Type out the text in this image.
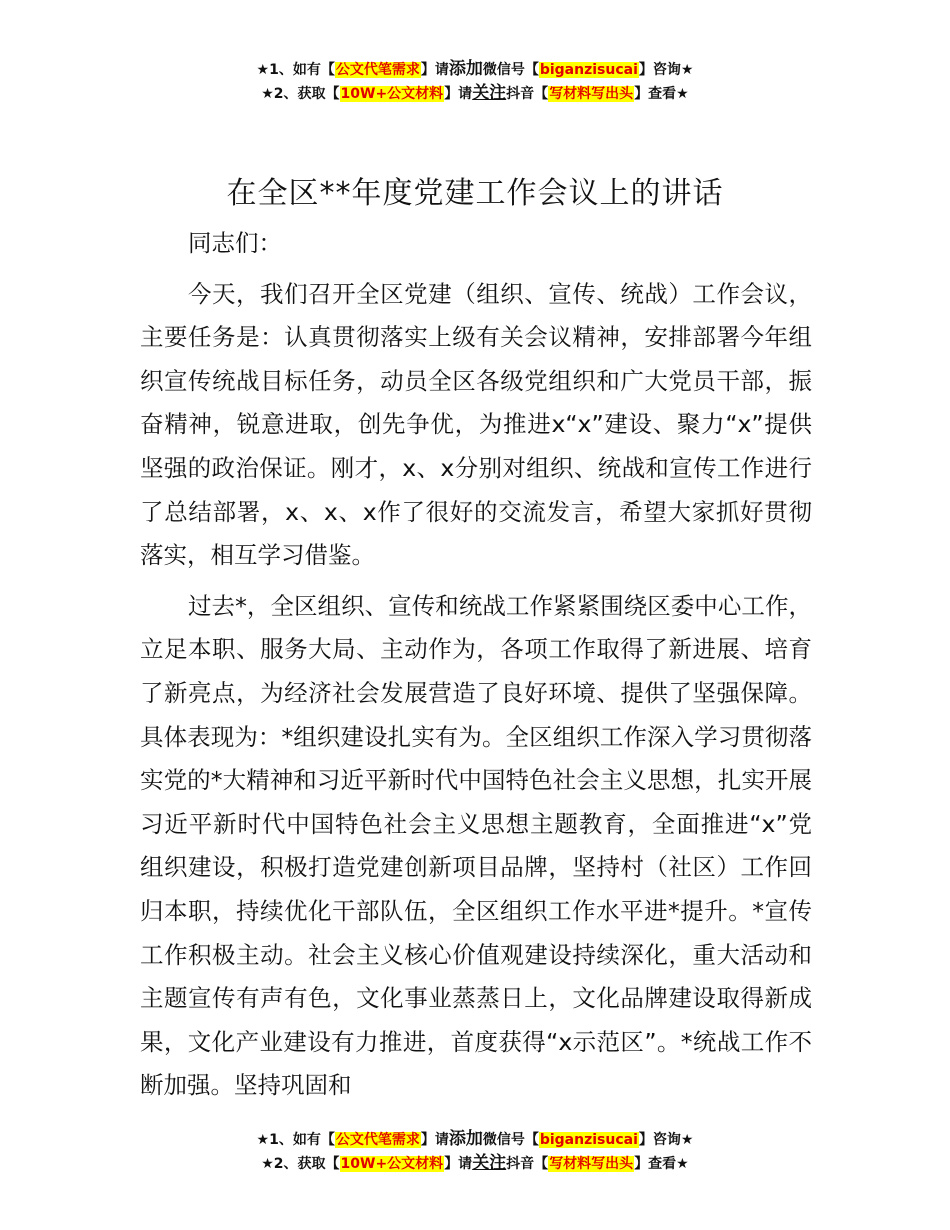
★1、如有【公文代笔需求】请添加微信号【biganzisucai】咨询★
★2、获取【10W+公文材料】请关注抖音【写材料写出头】查看★
在全区**年度党建工作会议上的讲话

同志们：

今天，我们召开全区党建（组织、宣传、统战）工作会议，主要任务是：认真贯彻落实上级有关会议精神，安排部署今年组织宣传统战目标任务，动员全区各级党组织和广大党员干部，振奋精神，锐意进取，创先争优，为推进x“x”建设、聚力“x”提供坚强的政治保证。刚才，x、x分别对组织、统战和宣传工作进行了总结部署，x、x、x作了很好的交流发言，希望大家抓好贯彻落实，相互学习借鉴。

过去*，全区组织、宣传和统战工作紧紧围绕区委中心工作，立足本职、服务大局、主动作为，各项工作取得了新进展、培育了新亮点，为经济社会发展营造了良好环境、提供了坚强保障。具体表现为：*组织建设扎实有为。全区组织工作深入学习贯彻落实党的*大精神和习近平新时代中国特色社会主义思想，扎实开展习近平新时代中国特色社会主义思想主题教育，全面推进“x”党组织建设，积极打造党建创新项目品牌，坚持村（社区）工作回归本职，持续优化干部队伍，全区组织工作水平进*提升。*宣传工作积极主动。社会主义核心价值观建设持续深化，重大活动和主题宣传有声有色，文化事业蒸蒸日上，文化品牌建设取得新成果，文化产业建设有力推进，首度获得“x示范区”。*统战工作不断加强。坚持巩固和

★1、如有【公文代笔需求】请添加微信号【biganzisucai】咨询★
★2、获取【10W+公文材料】请关注抖音【写材料写出头】查看★
